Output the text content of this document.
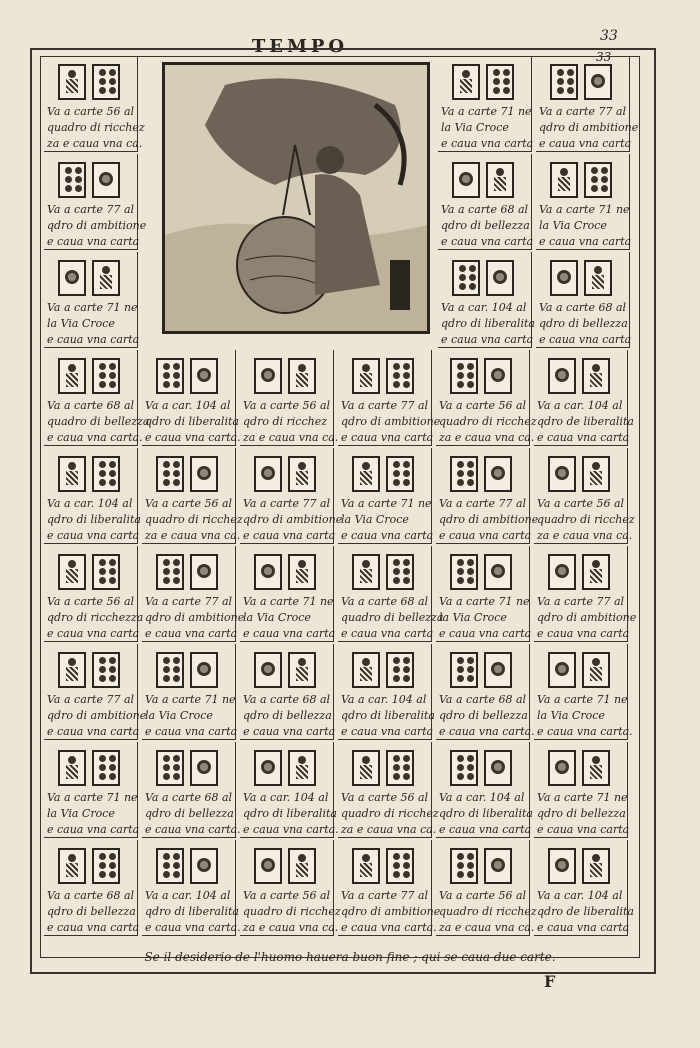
33
33
TEMPO
Va a carte 56 al
quadro di ricchez
za e caua vna ca.
Va a carte 77 al
qdro di ambitione
e caua vna carta
Va a carte 71 ne
la Via Croce
e caua vna carta
Va a carte 71 ne
la Via Croce
e caua vna carta
Va a carte 77 al
qdro di ambitione
e caua vna carta
Va a carte 68 al
qdro di bellezza
e caua vna carta
Va a carte 71 ne
la Via Croce
e caua vna carta
Va a car. 104 al
qdro di liberalita
e caua vna carta
Va a carte 68 al
qdro di bellezza
e caua vna carta
Va a carte 68 al
quadro di bellezza
e caua vna carta.
Va a car. 104 al
qdro di liberalita
e caua vna carta.
Va a carte 56 al
qdro di ricchez
za e caua vna ca.
Va a carte 77 al
qdro di ambitione
e caua vna carta
Va a carte 56 al
quadro di ricchez
za e caua vna ca.
Va a car. 104 al
qdro de liberalita
e caua vna carta
Va a car. 104 al
qdro di liberalita
e caua vna carta
Va a carte 56 al
quadro di ricchez
za e caua vna ca.
Va a carte 77 al
qdro di ambitione
e caua vna carta
Va a carte 71 ne
la Via Croce
e caua vna carta
Va a carte 77 al
qdro di ambitione
e caua vna carta
Va a carte 56 al
quadro di ricchez
za e caua vna ca.
Va a carte 56 al
qdro di ricchezza
e caua vna carta
Va a carte 77 al
qdro di ambitione
e caua vna carta
Va a carte 71 ne
la Via Croce
e caua vna carta
Va a carte 68 al
quadro di bellezza
e caua vna carta
Va a carte 71 ne
la Via Croce
e caua vna carta
Va a carte 77 al
qdro di ambitione
e caua vna carta
Va a carte 77 al
qdro di ambitione
e caua vna carta
Va a carte 71 ne
la Via Croce
e caua vna carta
Va a carte 68 al
qdro di bellezza
e caua vna carta
Va a car. 104 al
qdro di liberalita
e caua vna carta
Va a carte 68 al
qdro di bellezza
e caua vna carta.
Va a carte 71 ne
la Via Croce
e caua vna carta.
Va a carte 71 ne
la Via Croce
e caua vna carta
Va a carte 68 al
qdro di bellezza
e caua vna carta.
Va a car. 104 al
qdro di liberalita
e caua vna carta.
Va a carte 56 al
quadro di ricchez
za e caua vna ca.
Va a car. 104 al
qdro di liberalita
e caua vna carta
Va a carte 71 ne
qdro di bellezza
e caua vna carta
Va a carte 68 al
qdro di bellezza
e caua vna carta
Va a car. 104 al
qdro di liberalita
e caua vna carta.
Va a carte 56 al
quadro di ricchez
za e caua vna ca.
Va a carte 77 al
qdro di ambitione
e caua vna carta.
Va a carte 56 al
quadro di ricchez
za e caua vna ca.
Va a car. 104 al
qdro de liberalita
e caua vna carta
Se il desiderio de l'huomo hauera buon fine ; qui se caua due carte.
F
